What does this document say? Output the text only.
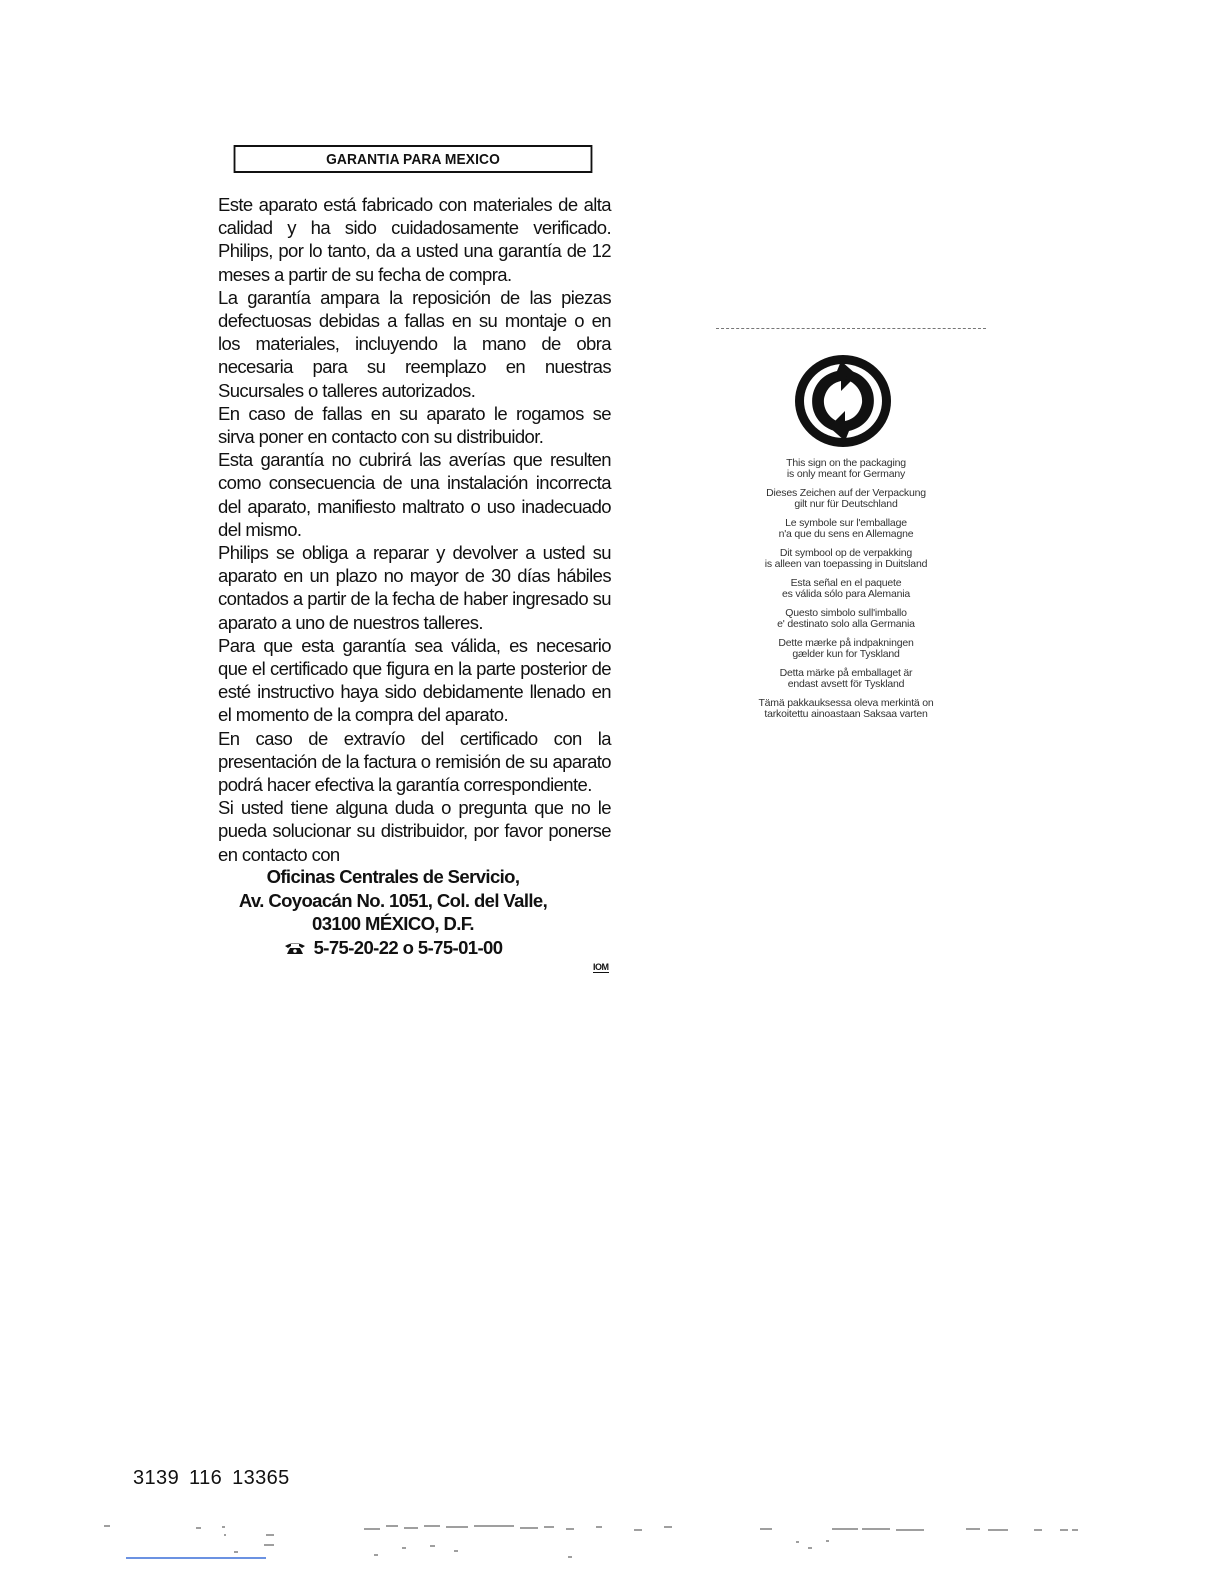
GARANTIA PARA MEXICO

Este aparato está fabricado con materiales de alta calidad y ha sido cuidadosamente verificado. Philips, por lo tanto, da a usted una garantía de 12 meses a partir de su fecha de compra.

La garantía ampara la reposición de las piezas defectuosas debidas a fallas en su montaje o en los materiales, incluyendo la mano de obra necesaria para su reemplazo en nuestras Sucursales o talleres autorizados.

En caso de fallas en su aparato le rogamos se sirva poner en contacto con su distribuidor.

Esta garantía no cubrirá las averías que resulten como consecuencia de una instalación incorrecta del aparato, manifiesto maltrato o uso inadecuado del mismo.

Philips se obliga a reparar y devolver a usted su aparato en un plazo no mayor de 30 días hábiles contados a partir de la fecha de haber ingresado su aparato a uno de nuestros talleres.

Para que esta garantía sea válida, es necesario que el certificado que figura en la parte posterior de esté instructivo haya sido debidamente llenado en el momento de la compra del aparato.

En caso de extravío del certificado con la presentación de la factura o remisión de su aparato podrá hacer efectiva la garantía correspondiente.

Si usted tiene alguna duda o pregunta que no le pueda solucionar su distribuidor, por favor ponerse en contacto con

Oficinas Centrales de Servicio,
Av. Coyoacán No. 1051, Col. del Valle,
03100 MÉXICO, D.F.
5-75-20-22 o 5-75-01-00
IOM
This sign on the packaging
is only meant for Germany
Dieses Zeichen auf der Verpackung
gilt nur für Deutschland
Le symbole sur l'emballage
n'a que du sens en Allemagne
Dit symbool op de verpakking
is alleen van toepassing in Duitsland
Esta señal en el paquete
es válida sólo para Alemania
Questo simbolo sull'imballo
e' destinato solo alla Germania
Dette mærke på indpakningen
gælder kun for Tyskland
Detta märke på emballaget är
endast avsett för Tyskland
Tämä pakkauksessa oleva merkintä on
tarkoitettu ainoastaan Saksaa varten
3139 116 13365
